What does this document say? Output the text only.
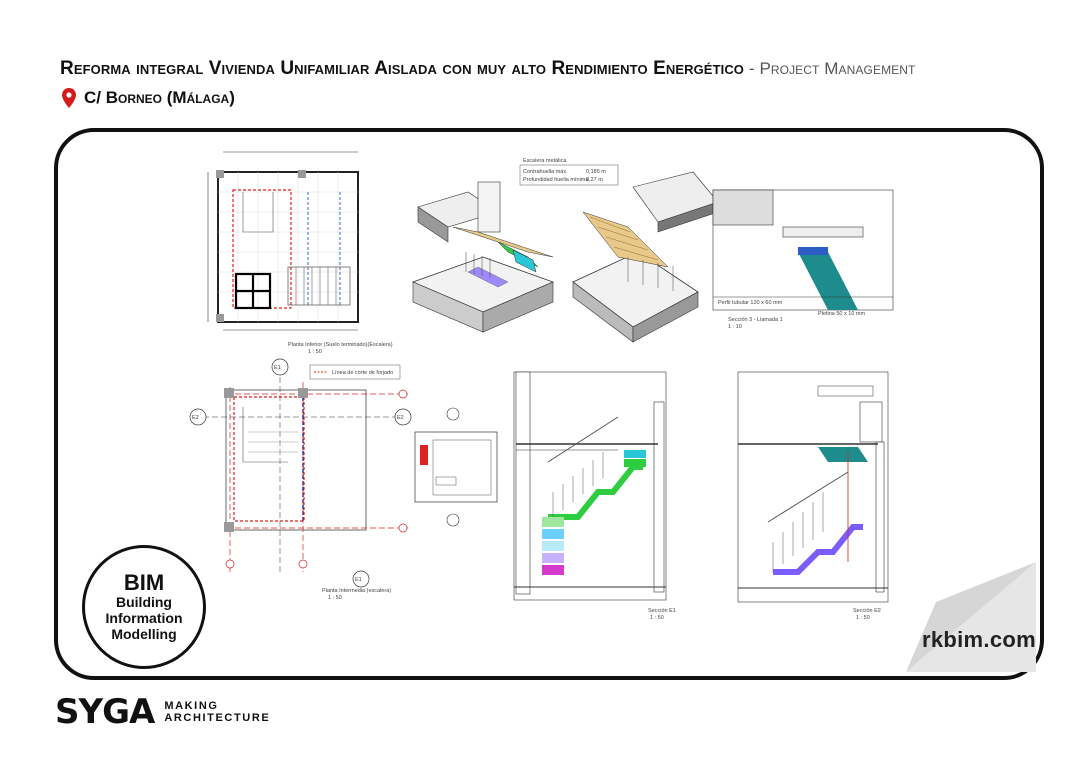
Reforma integral Vivienda Unifamiliar Aislada con muy alto Rendimiento Energético - Project Management
C/ Borneo (Málaga)
Planta Inferior (Suelo terminado)(Escalera)
1 : 50
Escalera metálica
Contrahuella máx.	0,185 m
Profundidad huella mínima
0,27 m
Perfil tubular 120 x 60 mm
Pletina 50 x 10 mm
Sección 3 - Llamada 1
1 : 10
Línea de corte de forjado
E1
E2	E2
E1
Planta Intermedia (escalera)
1 : 50
Sección E1
1 : 50
Sección E2
1 : 50
BIM
Building
Information
Modelling	rkbim.com
SYGA MAKING
ARCHITECTURE
